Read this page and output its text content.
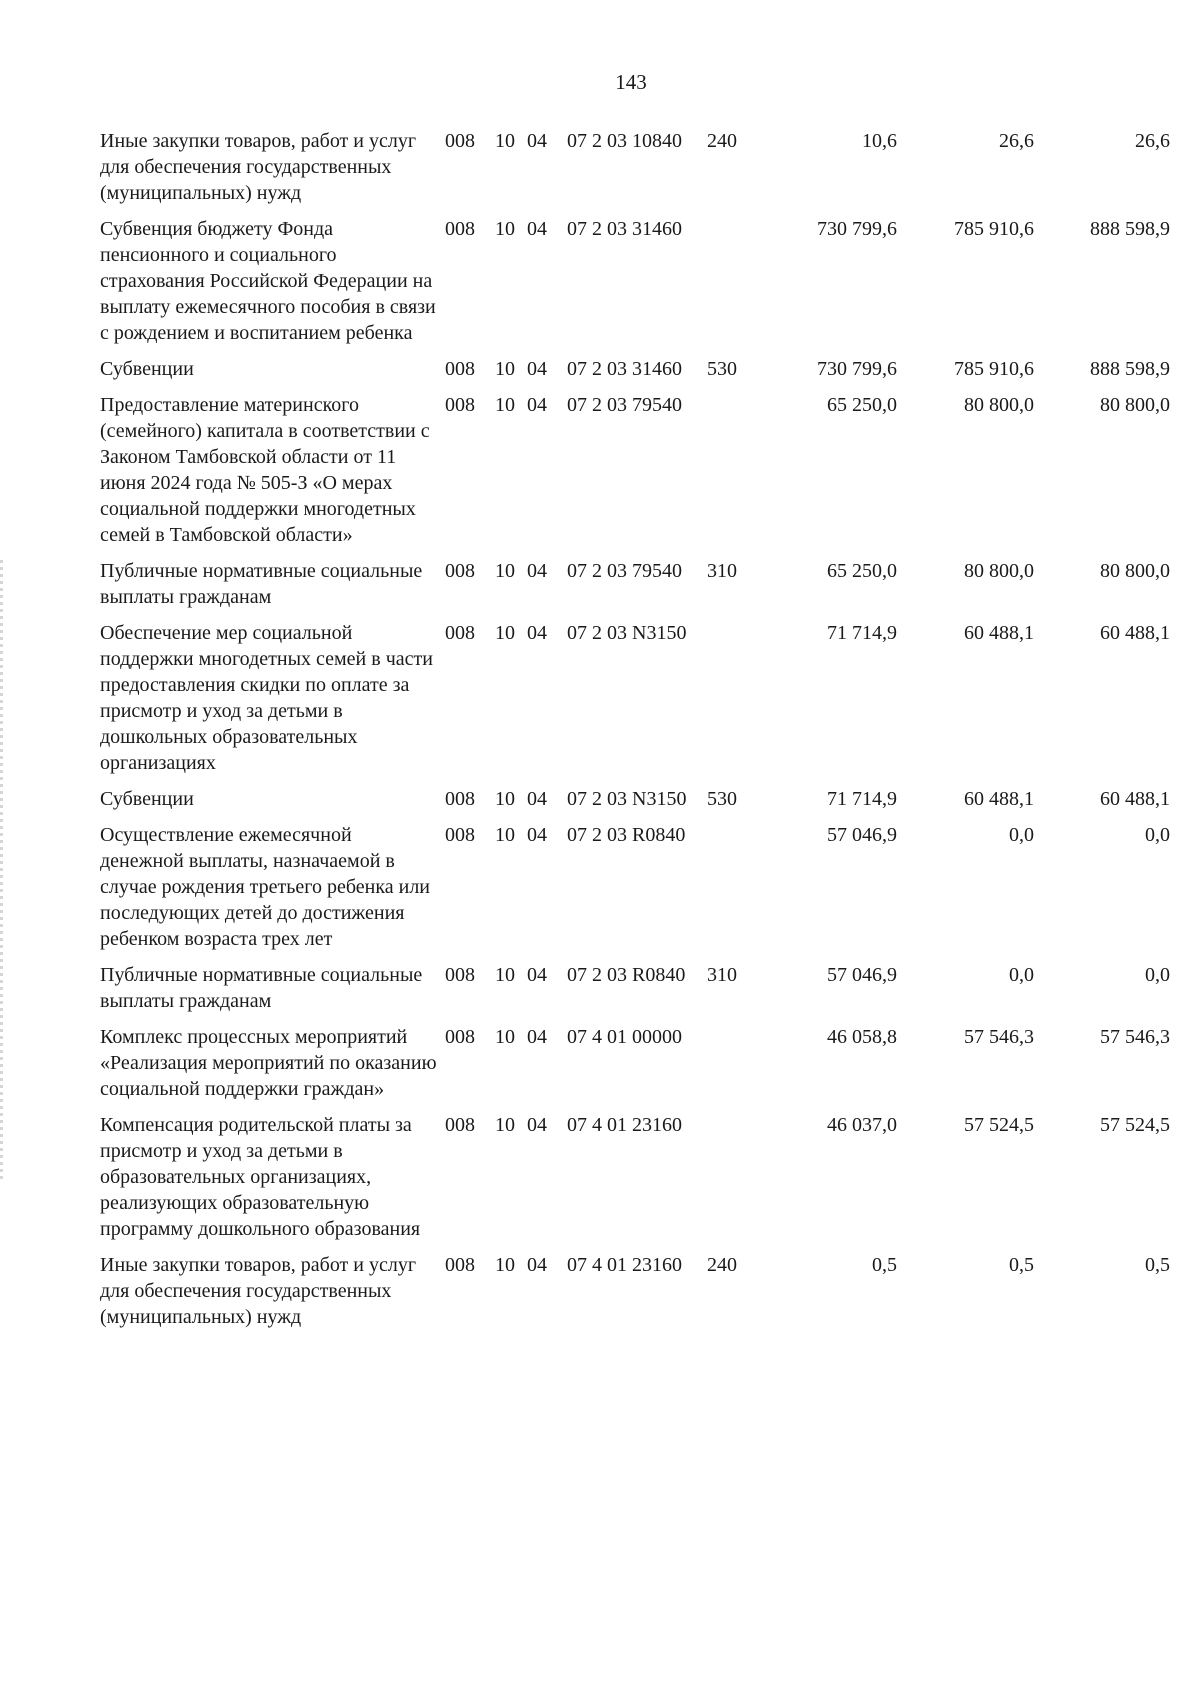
143
Иные закупки товаров, работ и услуг для обеспечения государственных (муниципальных) нужд	008	10	04	07 2 03 10840	240	10,6	26,6	26,6
Субвенция бюджету Фонда пенсионного и социального страхования Российской Федерации на выплату ежемесячного пособия в связи с рождением и воспитанием ребенка	008	10	04	07 2 03 31460		730 799,6	785 910,6	888 598,9
Субвенции	008	10	04	07 2 03 31460	530	730 799,6	785 910,6	888 598,9
Предоставление материнского (семейного) капитала в соответствии с Законом Тамбовской области от 11 июня 2024 года № 505-З «О мерах социальной поддержки многодетных семей в Тамбовской области»	008	10	04	07 2 03 79540		65 250,0	80 800,0	80 800,0
Публичные нормативные социальные выплаты гражданам	008	10	04	07 2 03 79540	310	65 250,0	80 800,0	80 800,0
Обеспечение мер социальной поддержки многодетных семей в части предоставления скидки по оплате за присмотр и уход за детьми в дошкольных образовательных организациях	008	10	04	07 2 03 N3150		71 714,9	60 488,1	60 488,1
Субвенции	008	10	04	07 2 03 N3150	530	71 714,9	60 488,1	60 488,1
Осуществление ежемесячной денежной выплаты, назначаемой в случае рождения третьего ребенка или последующих детей до достижения ребенком возраста трех лет	008	10	04	07 2 03 R0840		57 046,9	0,0	0,0
Публичные нормативные социальные выплаты гражданам	008	10	04	07 2 03 R0840	310	57 046,9	0,0	0,0
Комплекс процессных мероприятий «Реализация мероприятий по оказанию социальной поддержки граждан»	008	10	04	07 4 01 00000		46 058,8	57 546,3	57 546,3
Компенсация родительской платы за присмотр и уход за детьми в образовательных организациях, реализующих образовательную программу дошкольного образования	008	10	04	07 4 01 23160		46 037,0	57 524,5	57 524,5
Иные закупки товаров, работ и услуг для обеспечения государственных (муниципальных) нужд	008	10	04	07 4 01 23160	240	0,5	0,5	0,5
